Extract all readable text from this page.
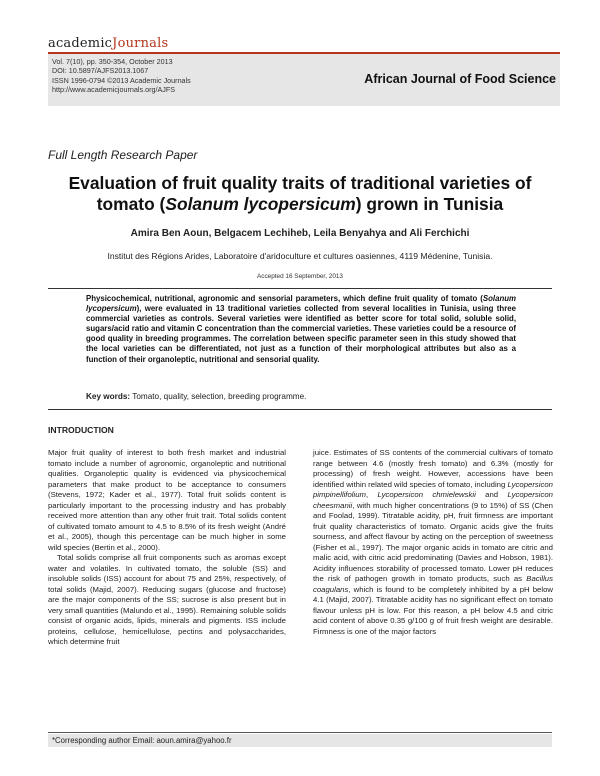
academicJournals
Vol. 7(10), pp. 350-354, October 2013
DOI: 10.5897/AJFS2013.1067
ISSN 1996-0794 ©2013 Academic Journals
http://www.academicjournals.org/AJFS
African Journal of Food Science
Full Length Research Paper
Evaluation of fruit quality traits of traditional varieties of
tomato (Solanum lycopersicum) grown in Tunisia
Amira Ben Aoun, Belgacem Lechiheb, Leila Benyahya and Ali Ferchichi
Institut des Régions Arides, Laboratoire d'aridoculture et cultures oasiennes, 4119 Médenine, Tunisia.
Accepted 16 September, 2013
Physicochemical, nutritional, agronomic and sensorial parameters, which define fruit quality of tomato (Solanum lycopersicum), were evaluated in 13 traditional varieties collected from several localities in Tunisia, using three commercial varieties as controls. Several varieties were identified as better score for total solid, soluble solid, sugars/acid ratio and vitamin C concentration than the commercial varieties. These varieties could be a resource of good quality in breeding programmes. The correlation between specific parameter seen in this study showed that the local varieties can be differentiated, not just as a function of their morphological attributes but also as a function of their organoleptic, nutritional and sensorial quality.
Key words: Tomato, quality, selection, breeding programme.
INTRODUCTION

Major fruit quality of interest to both fresh market and industrial tomato include a number of agronomic, organoleptic and nutritional qualities. Organoleptic quality is evidenced via physicochemical parameters that make product to be acceptance to consumers (Stevens, 1972; Kader et al., 1977). Total fruit solids content is particularly important to the processing industry and has probably received more attention than any other fruit trait. Total solids content of cultivated tomato amount to 4.5 to 8.5% of its fresh weight (André et al., 2005), though this percentage can be much higher in some wild species (Bertin et al., 2000).

Total solids comprise all fruit components such as aromas except water and volatiles. In cultivated tomato, the soluble (SS) and insoluble solids (ISS) account for about 75 and 25%, respectively, of total solids (Majid, 2007). Reducing sugars (glucose and fructose) are the major components of the SS; sucrose is also present but in very small quantities (Malundo et al., 1995). Remaining soluble solids consist of organic acids, lipids, minerals and pigments. ISS include proteins, cellulose, hemicellulose, pectins and polysaccharides, which determine fruit

juice. Estimates of SS contents of the commercial cultivars of tomato range between 4.6 (mostly fresh tomato) and 6.3% (mostly for processing) of fresh weight. However, accessions have been identified within related wild species of tomato, including Lycopersicon pimpinellifolium, Lycopersicon chmielewskii and Lycopersicon cheesmanii, with much higher concentrations (9 to 15%) of SS (Chen and Foolad, 1999). Titratable acidity, pH, fruit firmness are important fruit quality characteristics of tomato. Organic acids give the fruits sourness, and affect flavour by acting on the perception of sweetness (Fisher et al., 1997). The major organic acids in tomato are citric and malic acid, with citric acid predominating (Davies and Hobson, 1981). Acidity influences storability of processed tomato. Lower pH reduces the risk of pathogen growth in tomato products, such as Bacillus coagulans, which is found to be completely inhibited by a pH below 4.1 (Majid, 2007). Titratable acidity has no significant effect on tomato flavour unless pH is low. For this reason, a pH below 4.5 and citric acid content of above 0.35 g/100 g of fruit fresh weight are desirable. Firmness is one of the major factors

*Corresponding author Email: aoun.amira@yahoo.fr
